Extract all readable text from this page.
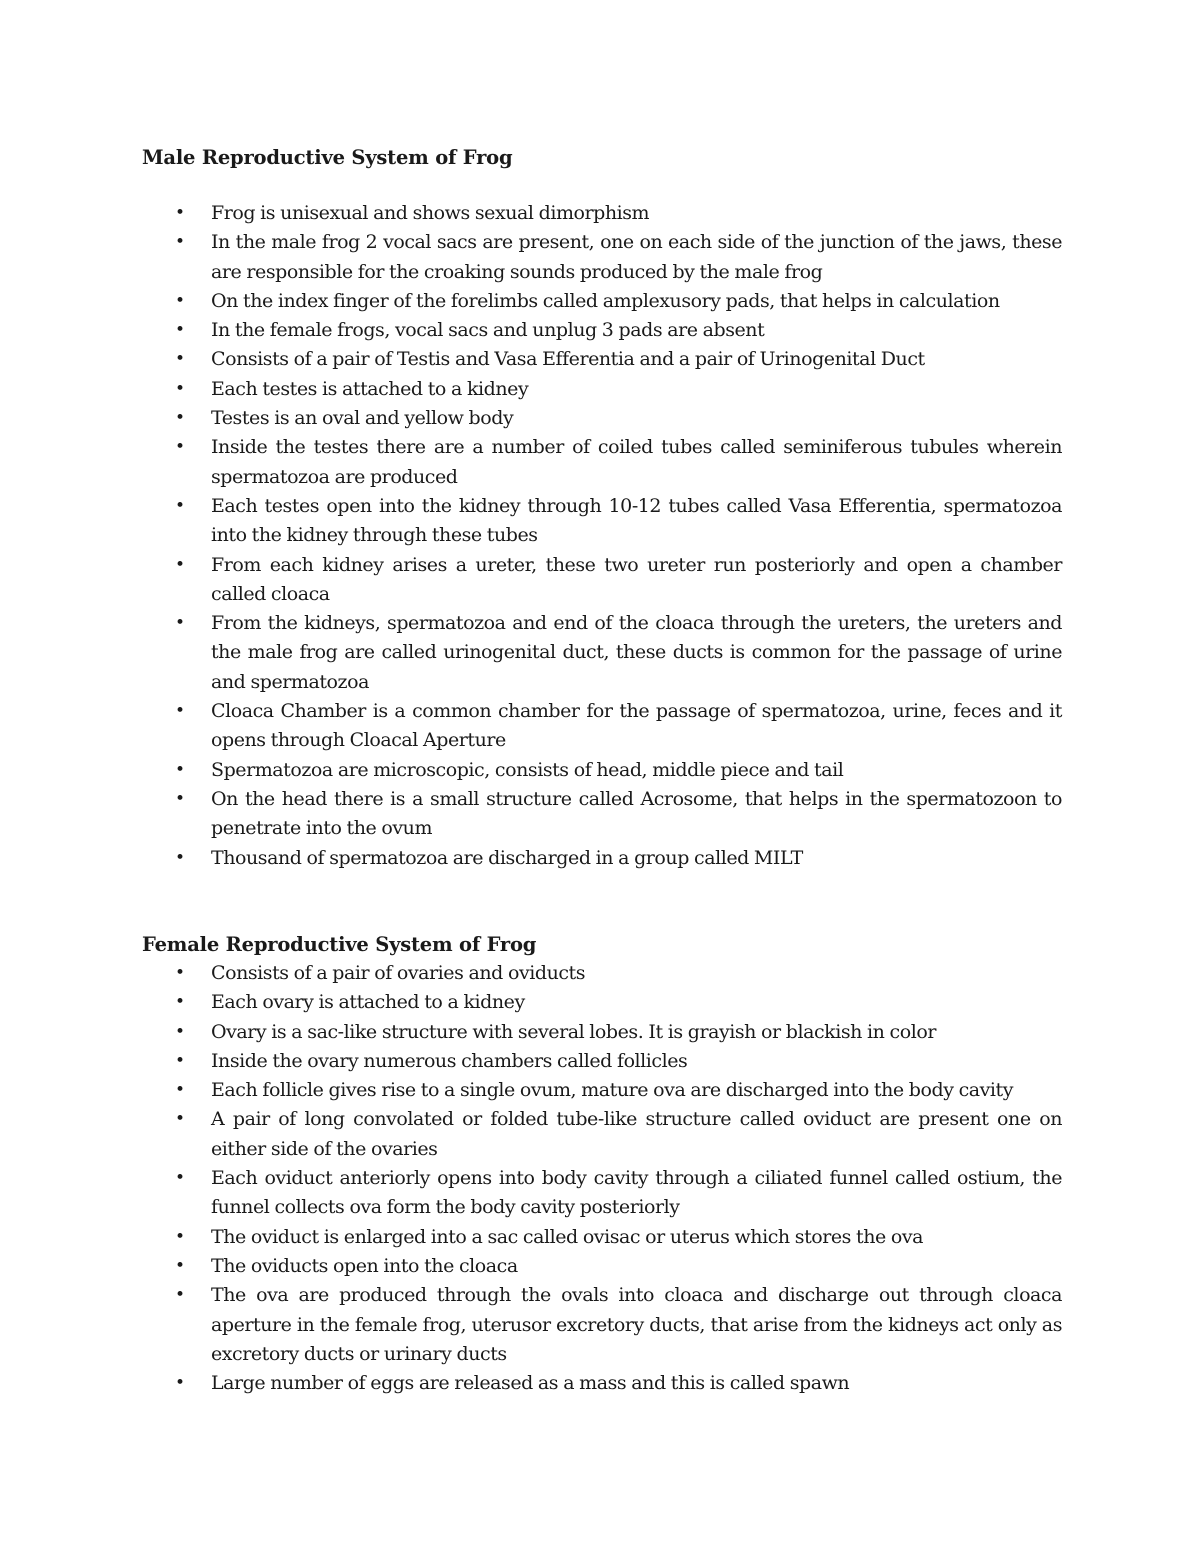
Male Reproductive System of Frog
• Frog is unisexual and shows sexual dimorphism
• In the male frog 2 vocal sacs are present, one on each side of the junction of the jaws, these are responsible for the croaking sounds produced by the male frog
• On the index finger of the forelimbs called amplexusory pads, that helps in calculation
• In the female frogs, vocal sacs and unplug 3 pads are absent
• Consists of a pair of Testis and Vasa Efferentia and a pair of Urinogenital Duct
• Each testes is attached to a kidney
• Testes is an oval and yellow body
• Inside the testes there are a number of coiled tubes called seminiferous tubules wherein spermatozoa are produced
• Each testes open into the kidney through 10-12 tubes called Vasa Efferentia, spermatozoa into the kidney through these tubes
• From each kidney arises a ureter, these two ureter run posteriorly and open a chamber called cloaca
• From the kidneys, spermatozoa and end of the cloaca through the ureters, the ureters and the male frog are called urinogenital duct, these ducts is common for the passage of urine and spermatozoa
• Cloaca Chamber is a common chamber for the passage of spermatozoa, urine, feces and it opens through Cloacal Aperture
• Spermatozoa are microscopic, consists of head, middle piece and tail
• On the head there is a small structure called Acrosome, that helps in the spermatozoon to penetrate into the ovum
• Thousand of spermatozoa are discharged in a group called MILT
Female Reproductive System of Frog
• Consists of a pair of ovaries and oviducts
• Each ovary is attached to a kidney
• Ovary is a sac-like structure with several lobes. It is grayish or blackish in color
• Inside the ovary numerous chambers called follicles
• Each follicle gives rise to a single ovum, mature ova are discharged into the body cavity
• A pair of long convolated or folded tube-like structure called oviduct are present one on either side of the ovaries
• Each oviduct anteriorly opens into body cavity through a ciliated funnel called ostium, the funnel collects ova form the body cavity posteriorly
• The oviduct is enlarged into a sac called ovisac or uterus which stores the ova
• The oviducts open into the cloaca
• The ova are produced through the ovals into cloaca and discharge out through cloaca aperture in the female frog, uterusor excretory ducts, that arise from the kidneys act only as excretory ducts or urinary ducts
• Large number of eggs are released as a mass and this is called spawn
